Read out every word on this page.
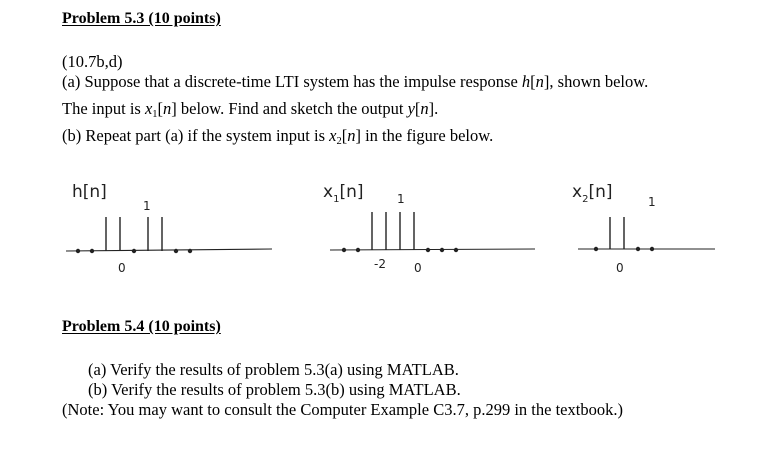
Problem 5.3 (10 points)
(10.7b,d)
(a) Suppose that a discrete-time LTI system has the impulse response h[n], shown below.
The input is $x_1[n]$ below. Find and sketch the output y[n].
(b) Repeat part (a) if the system input is $x_2[n]$ in the figure below.
h[n]
1
0
$x_1[n]$	1
-2 0
$x_2[n]$	1
0
Problem 5.4 (10 points)
(a) Verify the results of problem 5.3(a) using MATLAB.
(b) Verify the results of problem 5.3(b) using MATLAB.
(Note: You may want to consult the Computer Example C3.7, p.299 in the textbook.)
